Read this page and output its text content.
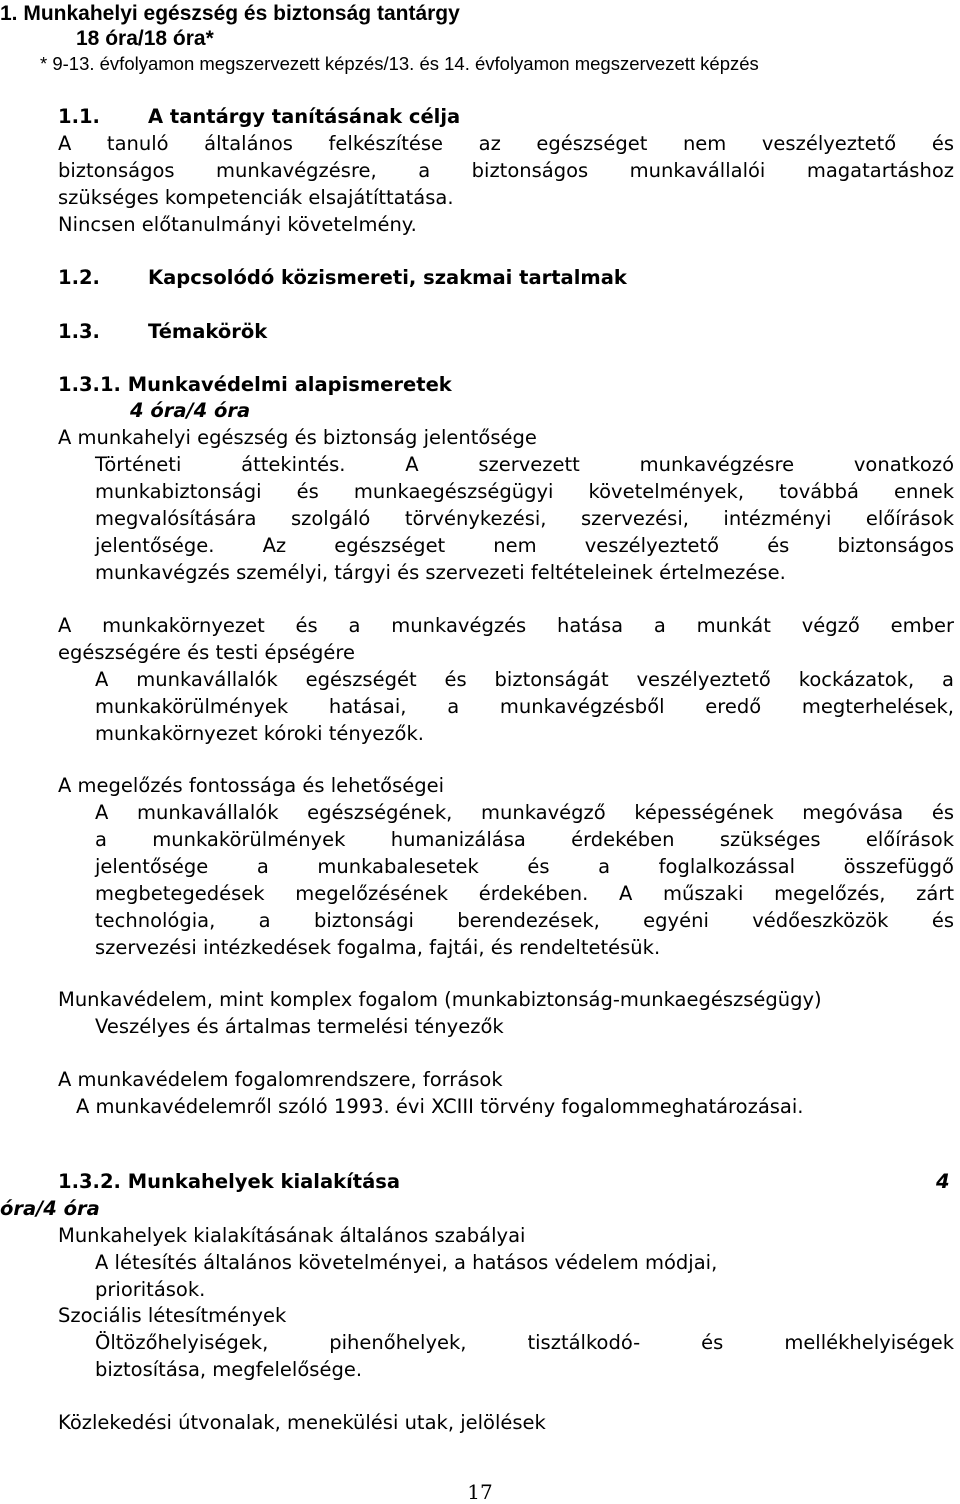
1. Munkahelyi egészség és biztonság tantárgy
18 óra/18 óra*
* 9-13. évfolyamon megszervezett képzés/13. és 14. évfolyamon megszervezett képzés
1.1. A tantárgy tanításának célja
A tanuló általános felkészítése az egészséget nem veszélyeztető és
biztonságos munkavégzésre, a biztonságos munkavállalói magatartáshoz
szükséges kompetenciák elsajátíttatása.
Nincsen előtanulmányi követelmény.
1.2. Kapcsolódó közismereti, szakmai tartalmak
1.3. Témakörök
1.3.1. Munkavédelmi alapismeretek
4 óra/4 óra
A munkahelyi egészség és biztonság jelentősége
Történeti áttekintés. A szervezett munkavégzésre vonatkozó
munkabiztonsági és munkaegészségügyi követelmények, továbbá ennek
megvalósítására szolgáló törvénykezési, szervezési, intézményi előírások
jelentősége. Az egészséget nem veszélyeztető és biztonságos
munkavégzés személyi, tárgyi és szervezeti feltételeinek értelmezése.
A munkakörnyezet és a munkavégzés hatása a munkát végző ember
egészségére és testi épségére
A munkavállalók egészségét és biztonságát veszélyeztető kockázatok, a
munkakörülmények hatásai, a munkavégzésből eredő megterhelések,
munkakörnyezet kóroki tényezők.
A megelőzés fontossága és lehetőségei
A munkavállalók egészségének, munkavégző képességének megóvása és
a munkakörülmények humanizálása érdekében szükséges előírások
jelentősége a munkabalesetek és a foglalkozással összefüggő
megbetegedések megelőzésének érdekében. A műszaki megelőzés, zárt
technológia, a biztonsági berendezések, egyéni védőeszközök és
szervezési intézkedések fogalma, fajtái, és rendeltetésük.
Munkavédelem, mint komplex fogalom (munkabiztonság-munkaegészségügy)
Veszélyes és ártalmas termelési tényezők
A munkavédelem fogalomrendszere, források
A munkavédelemről szóló 1993. évi XCIII törvény fogalommeghatározásai.
1.3.2. Munkahelyek kialakítása	4
óra/4 óra
Munkahelyek kialakításának általános szabályai
A létesítés általános követelményei, a hatásos védelem módjai,
prioritások.
Szociális létesítmények
Öltözőhelyiségek, pihenőhelyek, tisztálkodó- és mellékhelyiségek
biztosítása, megfelelősége.
Közlekedési útvonalak, menekülési utak, jelölések
17
